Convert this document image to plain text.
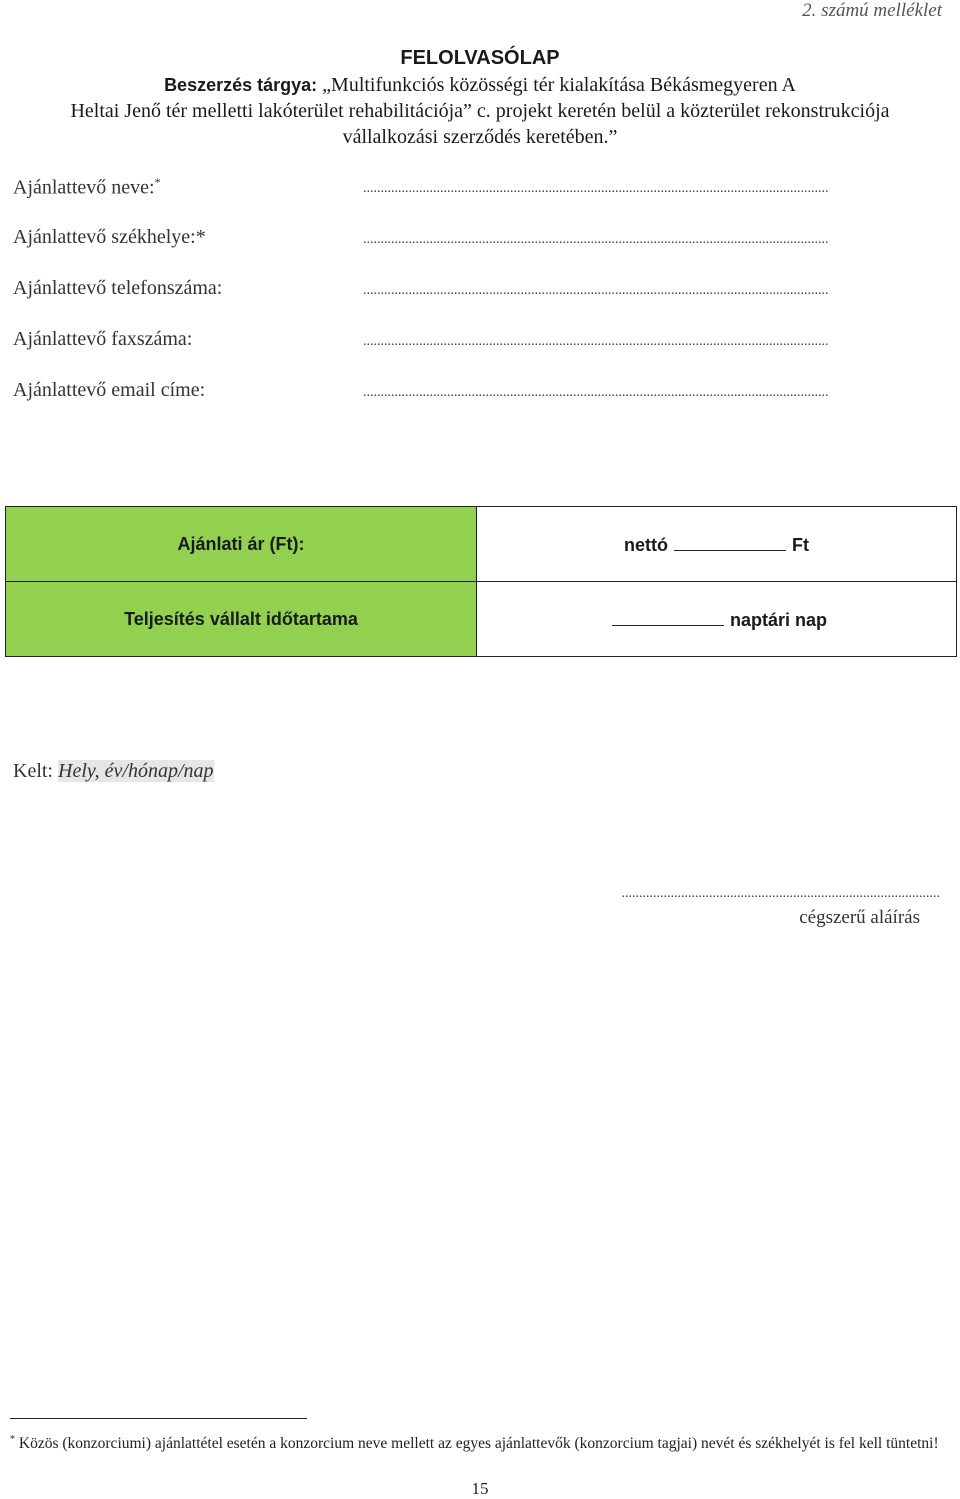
2. számú melléklet
FELOLVASÓLAP
Beszerzés tárgya: „Multifunkciós közösségi tér kialakítása Békásmegyeren A
Heltai Jenő tér melletti lakóterület rehabilitációja” c. projekt keretén belül a közterület rekonstrukciója
vállalkozási szerződés keretében.”
Ajánlattevő neve:*	.....................................................................................................................................
Ajánlattevő székhelye:*	.....................................................................................................................................
Ajánlattevő telefonszáma:	.....................................................................................................................................
Ajánlattevő faxszáma:	.....................................................................................................................................
Ajánlattevő email címe:	.....................................................................................................................................
Ajánlati ár (Ft):	nettó Ft
Teljesítés vállalt időtartama	naptári nap
Kelt: Hely, év/hónap/nap
...........................................................................................
cégszerű aláírás
* Közös (konzorciumi) ajánlattétel esetén a konzorcium neve mellett az egyes ajánlattevők (konzorcium tagjai) nevét és székhelyét is fel kell tüntetni!
15
